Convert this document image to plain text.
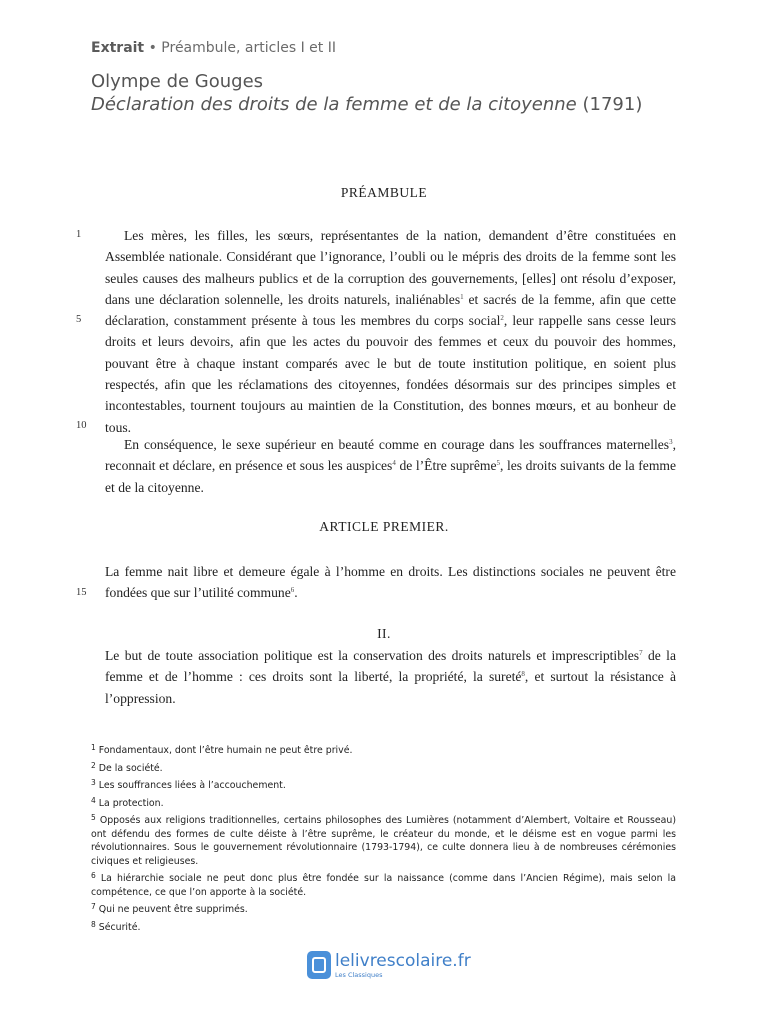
Extrait • Préambule, articles I et II
Olympe de Gouges
Déclaration des droits de la femme et de la citoyenne (1791)
PRÉAMBULE
1
5
10
15
Les mères, les filles, les sœurs, représentantes de la nation, demandent d’être constituées en Assemblée nationale. Considérant que l’ignorance, l’oubli ou le mépris des droits de la femme sont les seules causes des malheurs publics et de la corruption des gouvernements, [elles] ont résolu d’exposer, dans une déclaration solennelle, les droits naturels, inaliénables$^1$ et sacrés de la femme, afin que cette déclaration, constamment présente à tous les membres du corps social$^2$, leur rappelle sans cesse leurs droits et leurs devoirs, afin que les actes du pouvoir des femmes et ceux du pouvoir des hommes, pouvant être à chaque instant comparés avec le but de toute institution politique, en soient plus respectés, afin que les réclamations des citoyennes, fondées désormais sur des principes simples et incontestables, tournent toujours au maintien de la Constitution, des bonnes mœurs, et au bonheur de tous.
En conséquence, le sexe supérieur en beauté comme en courage dans les souffrances maternelles$^3$, reconnait et déclare, en présence et sous les auspices$^4$ de l’Être suprême$^5$, les droits suivants de la femme et de la citoyenne.
ARTICLE PREMIER.
La femme nait libre et demeure égale à l’homme en droits. Les distinctions sociales ne peuvent être fondées que sur l’utilité commune$^6$.
II.
Le but de toute association politique est la conservation des droits naturels et imprescriptibles$^7$ de la femme et de l’homme : ces droits sont la liberté, la propriété, la sureté$^8$, et surtout la résistance à l’oppression.
$^1$ Fondamentaux, dont l’être humain ne peut être privé.
$^2$ De la société.
$^3$ Les souffrances liées à l’accouchement.
$^4$ La protection.
$^5$ Opposés aux religions traditionnelles, certains philosophes des Lumières (notamment d’Alembert, Voltaire et Rousseau) ont défendu des formes de culte déiste à l’être suprême, le créateur du monde, et le déisme est en vogue parmi les révolutionnaires. Sous le gouvernement révolutionnaire (1793-1794), ce culte donnera lieu à de nombreuses cérémonies civiques et religieuses.
$^6$ La hiérarchie sociale ne peut donc plus être fondée sur la naissance (comme dans l’Ancien Régime), mais selon la compétence, ce que l’on apporte à la société.
$^7$ Qui ne peuvent être supprimés.
$^8$ Sécurité.
lelivrescolaire.fr
Les Classiques
